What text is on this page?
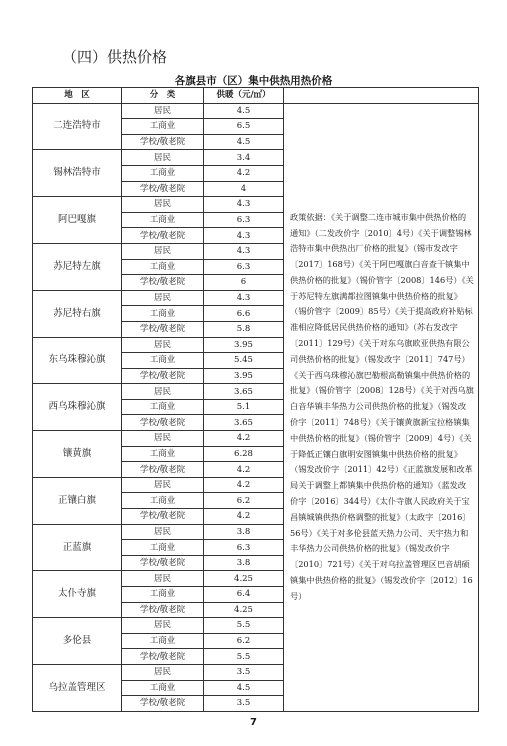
（四）供热价格
各旗县市（区）集中供热用热价格
地　区	分　类	供暖（元/㎡）	
二连浩特市	居民	4.5	政策依据：《关于调整二连市城市集中供热价格的通知》（二发改价字〔2010〕4号）《关于调整锡林浩特市集中供热出厂价格的批复》（锡市发改字〔2017〕168号）《关于阿巴嘎旗白音查干镇集中供热价格的批复》（锡价管字〔2008〕146号）《关于苏尼特左旗满都拉图镇集中供热价格的批复》（锡价管字〔2009〕85号）《关于提高政府补贴标准相应降低居民供热价格的通知》（苏右发改字〔2011〕129号）《关于对东乌旗欧亚供热有限公司供热价格的批复》（锡发改字〔2011〕747号）《关于西乌珠穆沁旗巴勒根高勒镇集中供热价格的批复》（锡价管字〔2008〕128号）《关于对西乌旗白音华镇丰华热力公司供热价格的批复》（锡发改价字〔2011〕748号）《关于镶黄旗新宝拉格镇集中供热价格的批复》（锡价管字〔2009〕4号）《关于降低正镶白旗明安图镇集中供热价格的批复》（锡发改价字〔2011〕42号）《正蓝旗发展和改革局关于调整上都镇集中供热价格的通知》（蓝发改价字〔2016〕344号）《太仆寺旗人民政府关于宝昌镇城镇供热价格调整的批复》（太政字〔2016〕56号）《关于对多伦县蓝天热力公司、天宇热力和丰华热力公司供热价格的批复》（锡发改价字〔2010〕721号）《关于对乌拉盖管理区巴音胡硕镇集中供热价格的批复》（锡发改价字〔2012〕16号）
	工商业	6.5	
	学校/敬老院	4.5	
锡林浩特市	居民	3.4	
	工商业	4.2	
	学校/敬老院	4	
阿巴嘎旗	居民	4.3	
	工商业	6.3	
	学校/敬老院	4.3	
苏尼特左旗	居民	4.3	
	工商业	6.3	
	学校/敬老院	6	
苏尼特右旗	居民	4.3	
	工商业	6.6	
	学校/敬老院	5.8	
东乌珠穆沁旗	居民	3.95	
	工商业	5.45	
	学校/敬老院	3.95	
西乌珠穆沁旗	居民	3.65	
	工商业	5.1	
	学校/敬老院	3.65	
镶黄旗	居民	4.2	
	工商业	6.28	
	学校/敬老院	4.2	
正镶白旗	居民	4.2	
	工商业	6.2	
	学校/敬老院	4.2	
正蓝旗	居民	3.8	
	工商业	6.3	
	学校/敬老院	3.8	
太仆寺旗	居民	4.25	
	工商业	6.4	
	学校/敬老院	4.25	
多伦县	居民	5.5	
	工商业	6.2	
	学校/敬老院	5.5	
乌拉盖管理区	居民	3.5	
	工商业	4.5	
	学校/敬老院	3.5	
7
